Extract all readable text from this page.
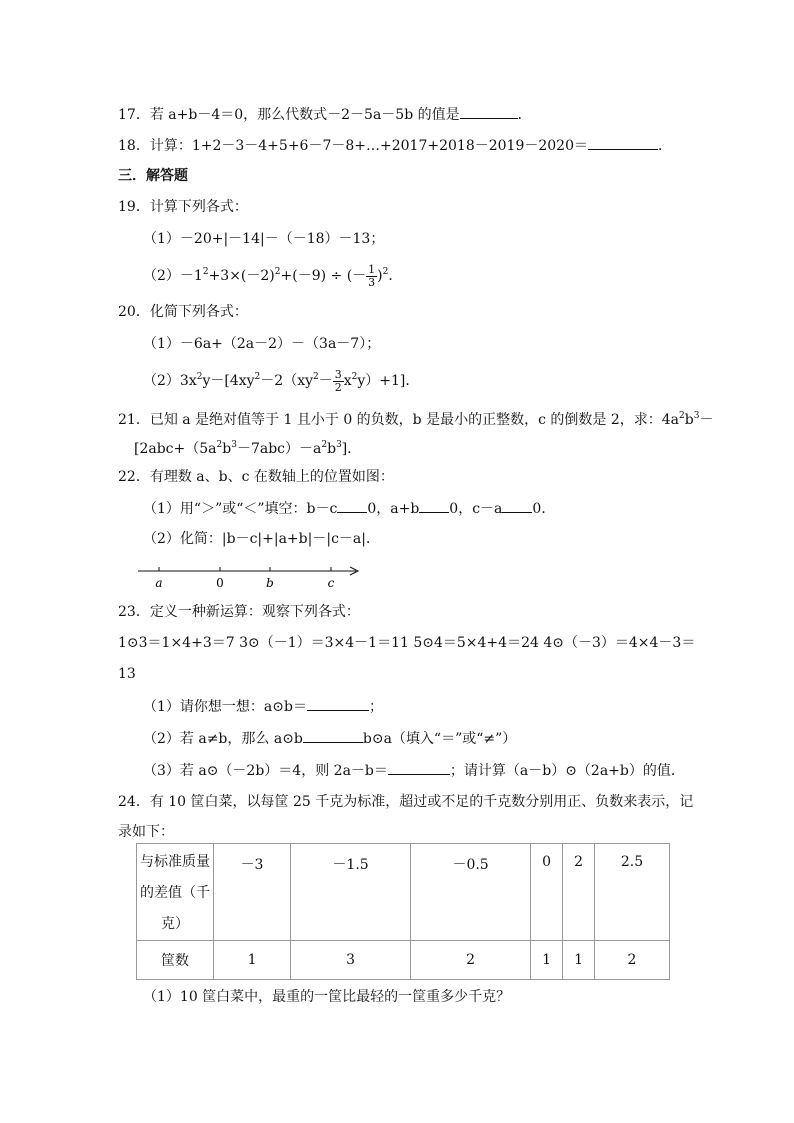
17．若 a+b－4＝0，那么代数式－2－5a－5b 的值是	．
18．计算：1+2－3－4+5+6－7－8+…+2017+2018－2019－2020＝	．
三．解答题
19．计算下列各式：
（1）－20+|－14|－（－18）－13；
$(2)-1^2+3\times(-2)^2+(-9)$ ÷ (－ $\frac{1}{3} )^2$．
20．化简下列各式：
（1）－6a+（2a－2）－（3a－7）；
$(2)3x^2y-[4xy^2-2(xy^2- \frac{3}{2} x^2y)+1]$．
21．已知 a 是绝对值等于 1 且小于 0 的负数，b 是最小的正整数，c 的倒数是 2，求：$4a^2b^3-$
$[2abc+(5a^2b^3-7abc)-a^2b^3]$．
22．有理数 a、b、c 在数轴上的位置如图：
（1）用“＞”或“＜”填空：b－c 0，a+b 0，c－a 0．
（2）化简：|b－c|+|a+b|－|c－a|．
a	0	b	c
23．定义一种新运算：观察下列各式：
1⊙3＝1×4+3＝7 3⊙（－1）＝3×4－1＝11 5⊙4＝5×4+4＝24 4⊙（－3）＝4×4－3＝
13
（1）请你想一想：a⊙b＝	；
（2）若 a≠b，那么 a⊙b	b⊙a（填入“＝”或“≠”）
（3）若 a⊙（－2b）＝4，则 2a－b＝	；请计算（a－b）⊙（2a+b）的值．
24．有 10 筐白菜，以每筐 25 千克为标准，超过或不足的千克数分别用正、负数来表示，记
录如下：
与标准质量
的差值（千
克）	－3	－1.5	－0.5	0	2	2.5
筐数	1	3	2	1	1	2
（1）10 筐白菜中，最重的一筐比最轻的一筐重多少千克？
